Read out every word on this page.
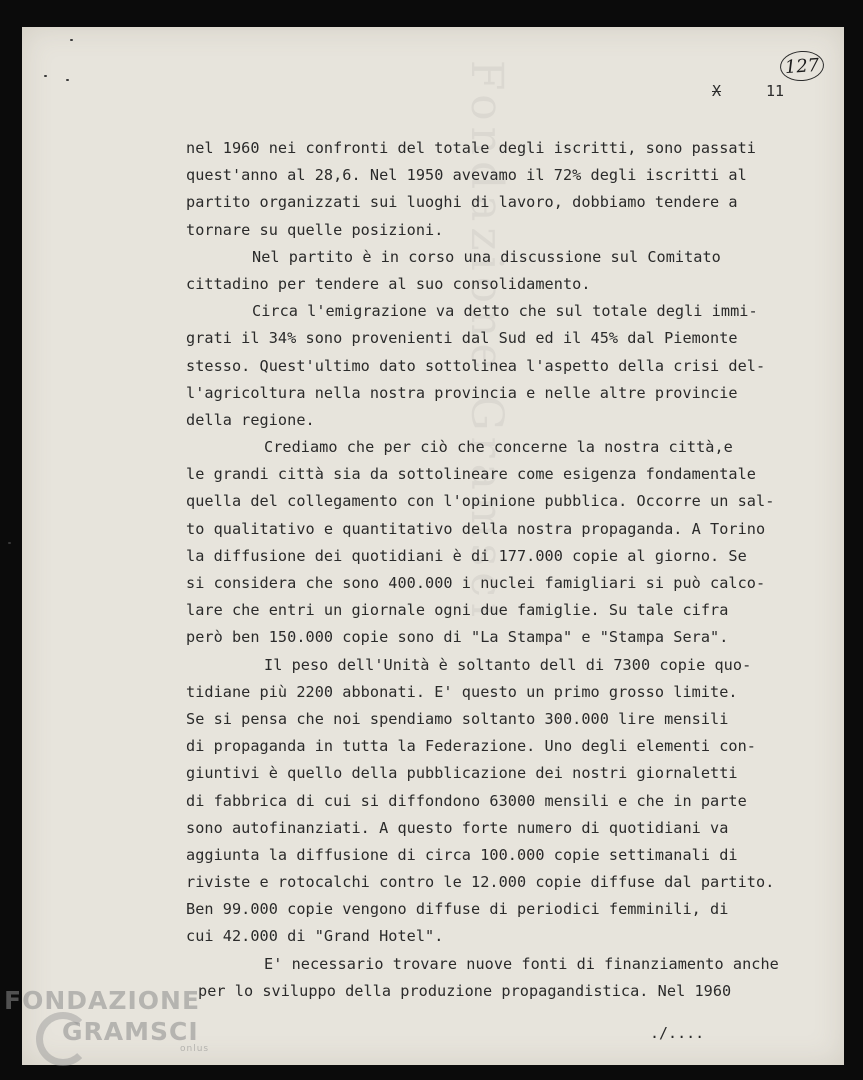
127
X	11
nel 1960 nei confronti del totale degli iscritti, sono passati
quest'anno al 28,6. Nel 1950 avevamo il 72% degli iscritti al
partito organizzati sui luoghi di lavoro, dobbiamo tendere a
tornare su quelle posizioni.
Nel partito è in corso una discussione sul Comitato
cittadino per tendere al suo consolidamento.
Circa l'emigrazione va detto che sul totale degli immi-
grati il 34% sono provenienti dal Sud ed il 45% dal Piemonte
stesso. Quest'ultimo dato sottolinea l'aspetto della crisi del-
l'agricoltura nella nostra provincia e nelle altre provincie
della regione.
Crediamo che per ciò che concerne la nostra città,e
le grandi città sia da sottolineare come esigenza fondamentale
quella del collegamento con l'opinione pubblica. Occorre un sal-
to qualitativo e quantitativo della nostra propaganda. A Torino
la diffusione dei quotidiani è di 177.000 copie al giorno. Se
si considera che sono 400.000 i nuclei famigliari si può calco-
lare che entri un giornale ogni due famiglie. Su tale cifra
però ben 150.000 copie sono di "La Stampa" e "Stampa Sera".
Il peso dell'Unità è soltanto dell di 7300 copie quo-
tidiane più 2200 abbonati. E' questo un primo grosso limite.
Se si pensa che noi spendiamo soltanto 300.000 lire mensili
di propaganda in tutta la Federazione. Uno degli elementi con-
giuntivi è quello della pubblicazione dei nostri giornaletti
di fabbrica di cui si diffondono 63000 mensili e che in parte
sono autofinanziati. A questo forte numero di quotidiani va
aggiunta la diffusione di circa 100.000 copie settimanali di
riviste e rotocalchi contro le 12.000 copie diffuse dal partito.
Ben 99.000 copie vengono diffuse di periodici femminili, di
cui 42.000 di "Grand Hotel".
E' necessario trovare nuove fonti di finanziamento anche
per lo sviluppo della produzione propagandistica. Nel 1960
./....
FONDAZIONE
GRAMSCI
onlus
